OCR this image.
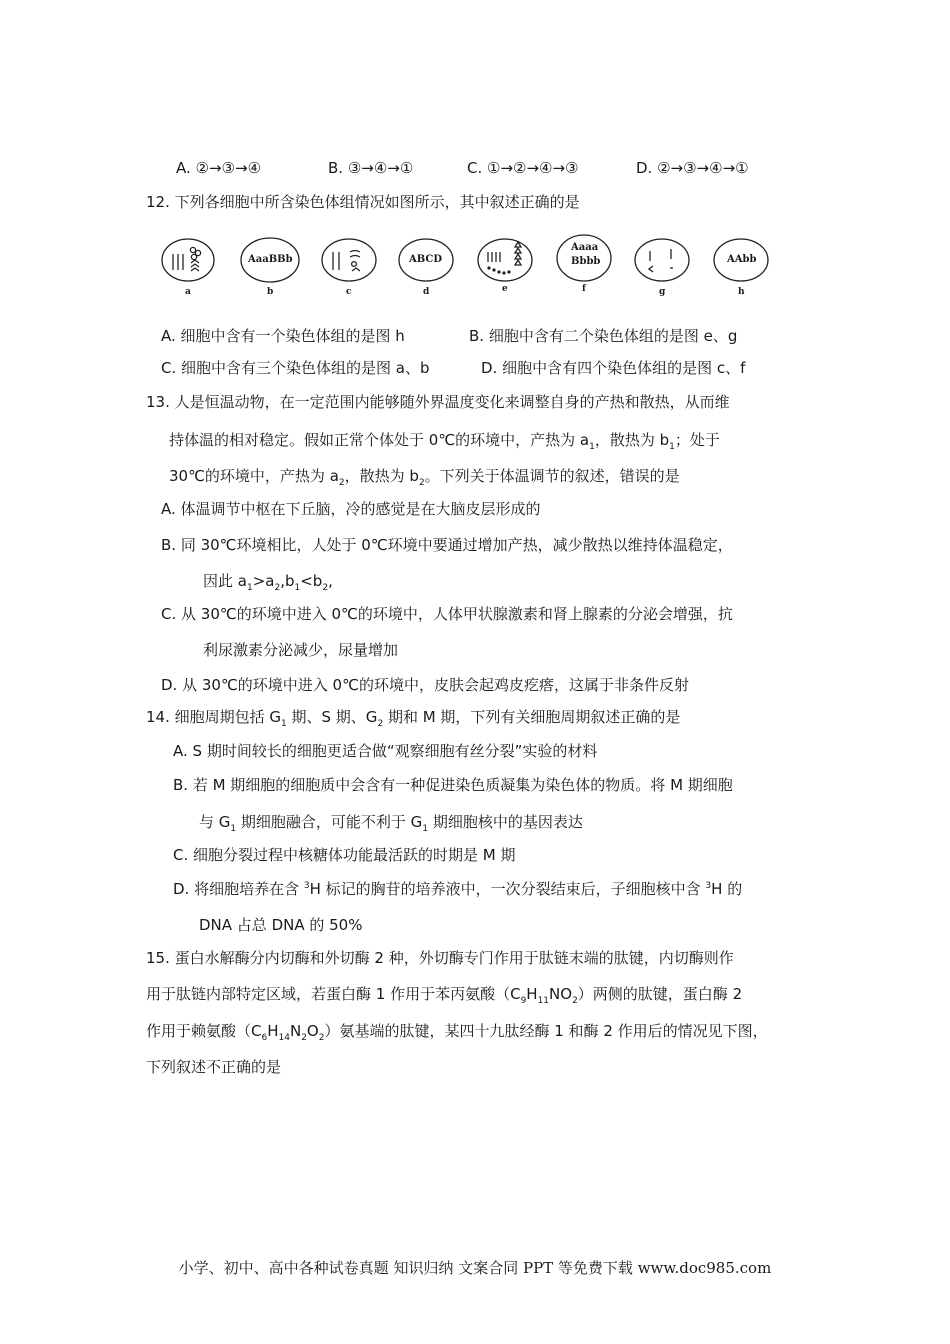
A. ②→③→④	B. ③→④→①	C. ①→②→④→③	D. ②→③→④→①
12. 下列各细胞中所含染色体组情况如图所示，其中叙述正确的是
AaaBBb	ABCD
Aaaa
Bbbb	AAbb
a	b	c	d	e	f	g	h
A. 细胞中含有一个染色体组的是图 h	B. 细胞中含有二个染色体组的是图 e、g
C. 细胞中含有三个染色体组的是图 a、b	D. 细胞中含有四个染色体组的是图 c、f
13. 人是恒温动物，在一定范围内能够随外界温度变化来调整自身的产热和散热，从而维
持体温的相对稳定。假如正常个体处于 0℃的环境中，产热为 $a_1$，散热为 $b_1$；处于
30℃的环境中，产热为 $a_2$，散热为 $b_2$。下列关于体温调节的叙述，错误的是
A. 体温调节中枢在下丘脑，冷的感觉是在大脑皮层形成的
B. 同 30℃环境相比，人处于 0℃环境中要通过增加产热，减少散热以维持体温稳定，
因此 $a_1>a_2,b_1<b_2$,
C. 从 30℃的环境中进入 0℃的环境中，人体甲状腺激素和肾上腺素的分泌会增强，抗
利尿激素分泌减少，尿量增加
D. 从 30℃的环境中进入 0℃的环境中，皮肤会起鸡皮疙瘩，这属于非条件反射
14. 细胞周期包括 $G_1$ 期、S 期、$G_2$ 期和 M 期，下列有关细胞周期叙述正确的是
A. S 期时间较长的细胞更适合做“观察细胞有丝分裂”实验的材料
B. 若 M 期细胞的细胞质中会含有一种促进染色质凝集为染色体的物质。将 M 期细胞
与 $G_1$ 期细胞融合，可能不利于 $G_1$ 期细胞核中的基因表达
C. 细胞分裂过程中核糖体功能最活跃的时期是 M 期
D. 将细胞培养在含 $^3$H 标记的胸苷的培养液中，一次分裂结束后，子细胞核中含 $^3$H 的
DNA 占总 DNA 的 50%
15. 蛋白水解酶分内切酶和外切酶 2 种，外切酶专门作用于肽链末端的肽键，内切酶则作
用于肽链内部特定区域，若蛋白酶 1 作用于苯丙氨酸$(C_9H_{11}NO_2)$两侧的肽键，蛋白酶 2
作用于赖氨酸$(C_6H_{14}N_2O_2)$氨基端的肽键，某四十九肽经酶 1 和酶 2 作用后的情况见下图，
下列叙述不正确的是
小学、初中、高中各种试卷真题 知识归纳 文案合同 PPT 等免费下载 www.doc985.com
